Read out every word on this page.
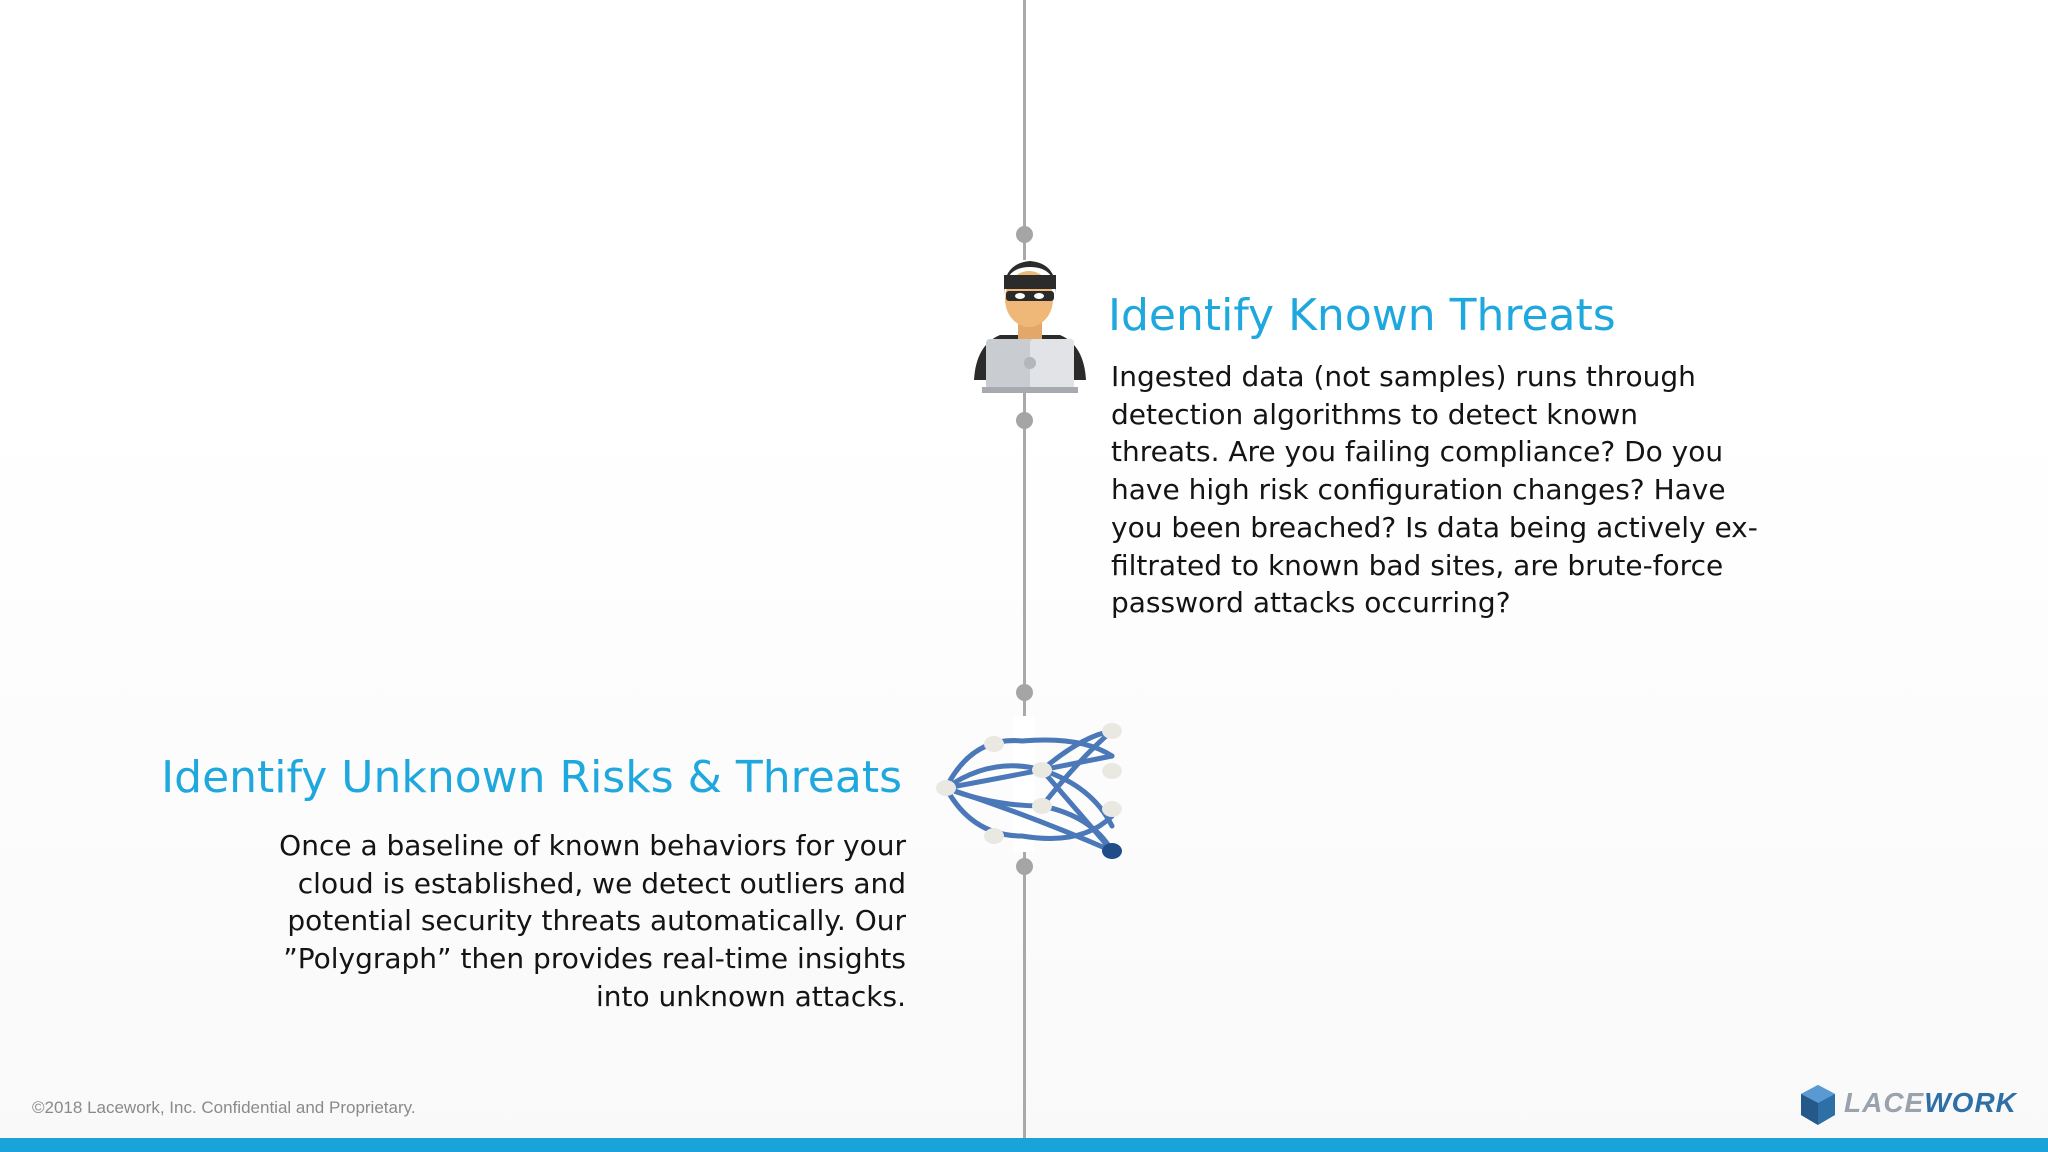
Identify Known Threats
Ingested data (not samples) runs through
detection algorithms to detect known
threats. Are you failing compliance? Do you
have high risk configuration changes? Have
you been breached? Is data being actively ex-
filtrated to known bad sites, are brute-force
password attacks occurring?
Identify Unknown Risks & Threats
Once a baseline of known behaviors for your
cloud is established, we detect outliers and
potential security threats automatically. Our
”Polygraph” then provides real-time insights
into unknown attacks.
©2018 Lacework, Inc. Confidential and Proprietary.	LACEWORK
